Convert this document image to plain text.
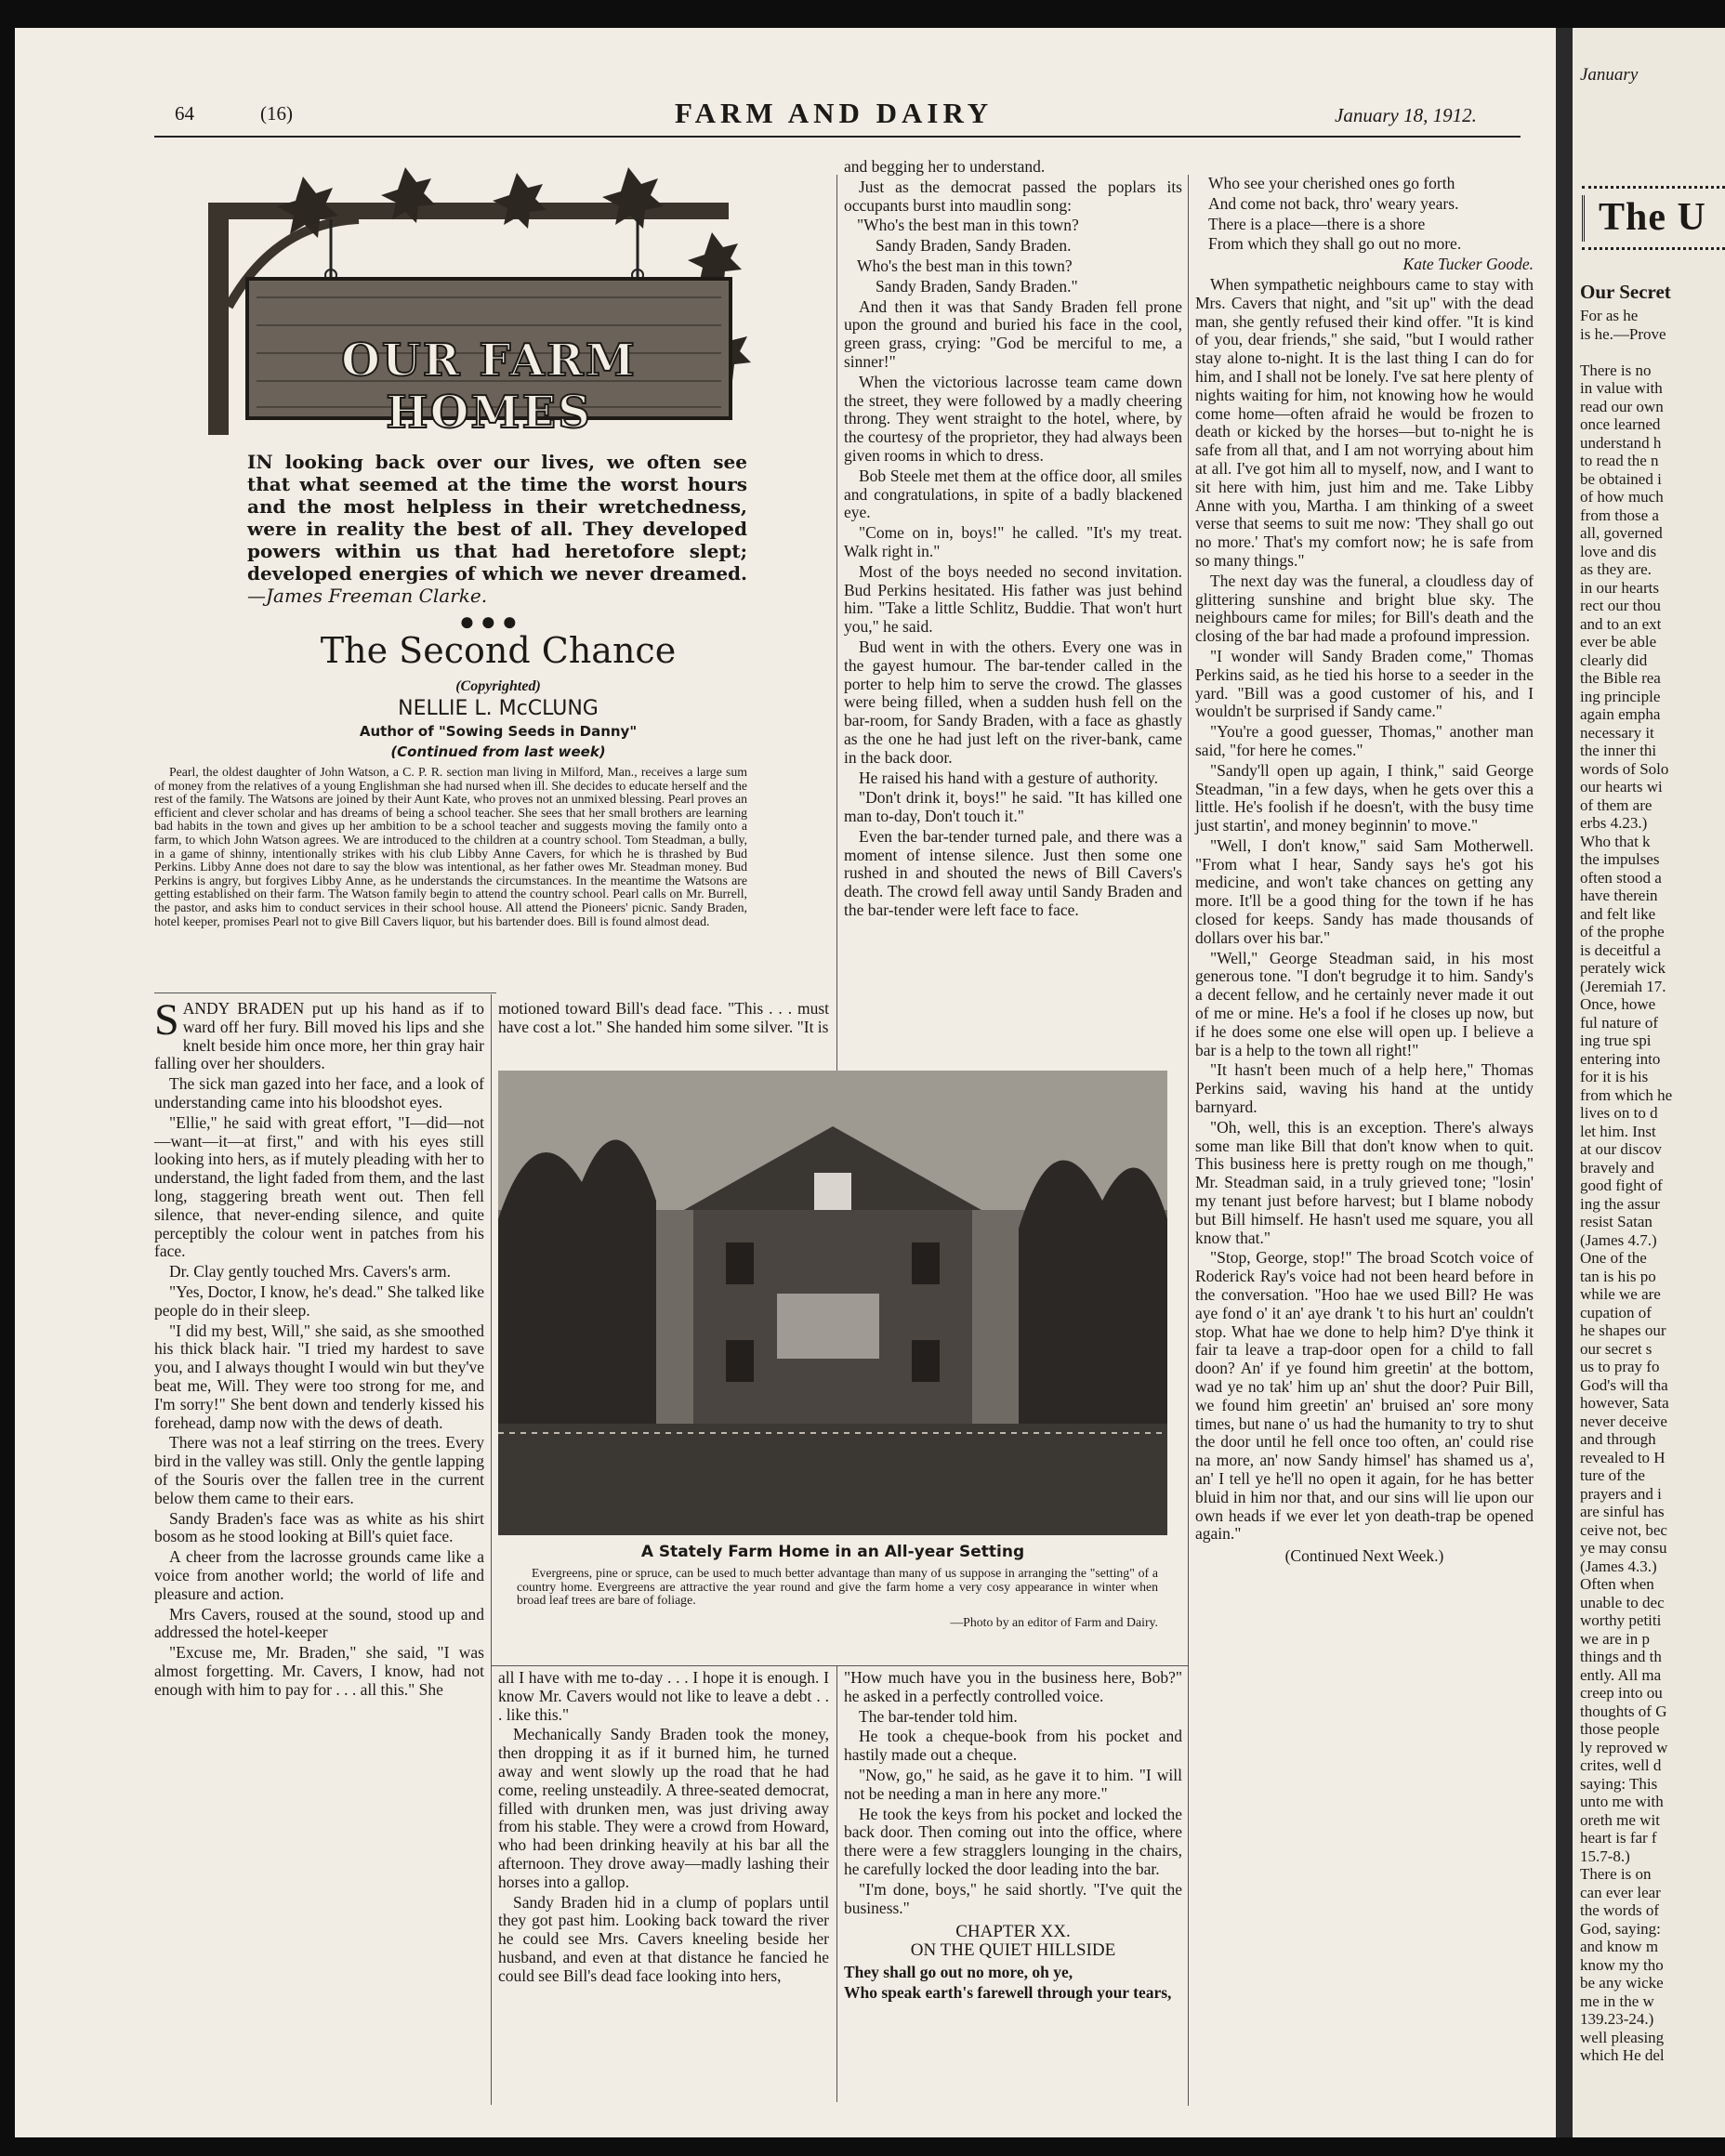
January
The U
Our Secret

For as he

is he.—Prove

There is no

in value with

read our own

once learned

understand h

to read the n

be obtained i

of how much

from those a

all, governed

love and dis

as they are.

in our hearts

rect our thou

and to an ext

ever be able

clearly did

the Bible rea

ing principle

again empha

necessary it

the inner thi

words of Solo

our hearts wi

of them are

erbs 4.23.)

Who that k

the impulses

often stood a

have therein

and felt like

of the prophe

is deceitful a

perately wick

(Jeremiah 17.

Once, howe

ful nature of

ing true spi

entering into

for it is his

from which he

lives on to d

let him. Inst

at our discov

bravely and

good fight of

ing the assur

resist Satan

(James 4.7.)

One of the

tan is his po

while we are

cupation of

he shapes our

our secret s

us to pray fo

God's will tha

however, Sata

never deceive

and through

revealed to H

ture of the

prayers and i

are sinful has

ceive not, bec

ye may consu

(James 4.3.)

Often when

unable to dec

worthy petiti

we are in p

things and th

ently. All ma

creep into ou

thoughts of G

those people

ly reproved w

crites, well d

saying: This

unto me with

oreth me wit

heart is far f

15.7-8.)

There is on

can ever lear

the words of

God, saying:

and know m

know my tho

be any wicke

me in the w

139.23-24.)

well pleasing

which He del

64	(16)	FARM AND DAIRY	January 18, 1912.
OUR FARM HOMES
IN looking back over our lives, we often see that what seemed at the time the worst hours and the most helpless in their wretchedness, were in reality the best of all. They developed powers within us that had heretofore slept; developed energies of which we never dreamed. —James Freeman Clarke.
●●●
The Second Chance
(Copyrighted)
NELLIE L. McCLUNG
Author of "Sowing Seeds in Danny"
(Continued from last week)
Pearl, the oldest daughter of John Watson, a C. P. R. section man living in Milford, Man., receives a large sum of money from the relatives of a young Englishman she had nursed when ill. She decides to educate herself and the rest of the family. The Watsons are joined by their Aunt Kate, who proves not an unmixed blessing. Pearl proves an efficient and clever scholar and has dreams of being a school teacher. She sees that her small brothers are learning bad habits in the town and gives up her ambition to be a school teacher and suggests moving the family onto a farm, to which John Watson agrees. We are introduced to the children at a country school. Tom Steadman, a bully, in a game of shinny, intentionally strikes with his club Libby Anne Cavers, for which he is thrashed by Bud Perkins. Libby Anne does not dare to say the blow was intentional, as her father owes Mr. Steadman money. Bud Perkins is angry, but forgives Libby Anne, as he understands the circumstances. In the meantime the Watsons are getting established on their farm. The Watson family begin to attend the country school. Pearl calls on Mr. Burrell, the pastor, and asks him to conduct services in their school house. All attend the Pioneers' picnic. Sandy Braden, hotel keeper, promises Pearl not to give Bill Cavers liquor, but his bartender does. Bill is found almost dead.

SANDY BRADEN put up his hand as if to ward off her fury. Bill moved his lips and she knelt beside him once more, her thin gray hair falling over her shoulders.

The sick man gazed into her face, and a look of understanding came into his bloodshot eyes.

"Ellie," he said with great effort, "I—did—not—want—it—at first," and with his eyes still looking into hers, as if mutely pleading with her to understand, the light faded from them, and the last long, staggering breath went out. Then fell silence, that never-ending silence, and quite perceptibly the colour went in patches from his face.

Dr. Clay gently touched Mrs. Cavers's arm.

"Yes, Doctor, I know, he's dead." She talked like people do in their sleep.

"I did my best, Will," she said, as she smoothed his thick black hair. "I tried my hardest to save you, and I always thought I would win but they've beat me, Will. They were too strong for me, and I'm sorry!" She bent down and tenderly kissed his forehead, damp now with the dews of death.

There was not a leaf stirring on the trees. Every bird in the valley was still. Only the gentle lapping of the Souris over the fallen tree in the current below them came to their ears.

Sandy Braden's face was as white as his shirt bosom as he stood looking at Bill's quiet face.

A cheer from the lacrosse grounds came like a voice from another world; the world of life and pleasure and action.

Mrs Cavers, roused at the sound, stood up and addressed the hotel-keeper

"Excuse me, Mr. Braden," she said, "I was almost forgetting. Mr. Cavers, I know, had not enough with him to pay for . . . all this." She

motioned toward Bill's dead face. "This . . . must have cost a lot." She handed him some silver. "It is

A Stately Farm Home in an All-year Setting
Evergreens, pine or spruce, can be used to much better advantage than many of us suppose in arranging the "setting" of a country home. Evergreens are attractive the year round and give the farm home a very cosy appearance in winter when broad leaf trees are bare of foliage.
—Photo by an editor of Farm and Dairy.

all I have with me to-day . . . I hope it is enough. I know Mr. Cavers would not like to leave a debt . . . like this."

Mechanically Sandy Braden took the money, then dropping it as if it burned him, he turned away and went slowly up the road that he had come, reeling unsteadily. A three-seated democrat, filled with drunken men, was just driving away from his stable. They were a crowd from Howard, who had been drinking heavily at his bar all the afternoon. They drove away—madly lashing their horses into a gallop.

Sandy Braden hid in a clump of poplars until they got past him. Looking back toward the river he could see Mrs. Cavers kneeling beside her husband, and even at that distance he fancied he could see Bill's dead face looking into hers,

and begging her to understand.

Just as the democrat passed the poplars its occupants burst into maudlin song:

"Who's the best man in this town?

Sandy Braden, Sandy Braden.

Who's the best man in this town?

Sandy Braden, Sandy Braden."

And then it was that Sandy Braden fell prone upon the ground and buried his face in the cool, green grass, crying: "God be merciful to me, a sinner!"

When the victorious lacrosse team came down the street, they were followed by a madly cheering throng. They went straight to the hotel, where, by the courtesy of the proprietor, they had always been given rooms in which to dress.

Bob Steele met them at the office door, all smiles and congratulations, in spite of a badly blackened eye.

"Come on in, boys!" he called. "It's my treat. Walk right in."

Most of the boys needed no second invitation. Bud Perkins hesitated. His father was just behind him. "Take a little Schlitz, Buddie. That won't hurt you," he said.

Bud went in with the others. Every one was in the gayest humour. The bar-tender called in the porter to help him to serve the crowd. The glasses were being filled, when a sudden hush fell on the bar-room, for Sandy Braden, with a face as ghastly as the one he had just left on the river-bank, came in the back door.

He raised his hand with a gesture of authority.

"Don't drink it, boys!" he said. "It has killed one man to-day, Don't touch it."

Even the bar-tender turned pale, and there was a moment of intense silence. Just then some one rushed in and shouted the news of Bill Cavers's death. The crowd fell away until Sandy Braden and the bar-tender were left face to face.

"How much have you in the business here, Bob?" he asked in a perfectly controlled voice.

The bar-tender told him.

He took a cheque-book from his pocket and hastily made out a cheque.

"Now, go," he said, as he gave it to him. "I will not be needing a man in here any more."

He took the keys from his pocket and locked the back door. Then coming out into the office, where there were a few stragglers lounging in the chairs, he carefully locked the door leading into the bar.

"I'm done, boys," he said shortly. "I've quit the business."

CHAPTER XX.

ON THE QUIET HILLSIDE

They shall go out no more, oh ye,

Who speak earth's farewell through your tears,

Who see your cherished ones go forth

And come not back, thro' weary years.

There is a place—there is a shore

From which they shall go out no more.

Kate Tucker Goode.

When sympathetic neighbours came to stay with Mrs. Cavers that night, and "sit up" with the dead man, she gently refused their kind offer. "It is kind of you, dear friends," she said, "but I would rather stay alone to-night. It is the last thing I can do for him, and I shall not be lonely. I've sat here plenty of nights waiting for him, not knowing how he would come home—often afraid he would be frozen to death or kicked by the horses—but to-night he is safe from all that, and I am not worrying about him at all. I've got him all to myself, now, and I want to sit here with him, just him and me. Take Libby Anne with you, Martha. I am thinking of a sweet verse that seems to suit me now: 'They shall go out no more.' That's my comfort now; he is safe from so many things."

The next day was the funeral, a cloudless day of glittering sunshine and bright blue sky. The neighbours came for miles; for Bill's death and the closing of the bar had made a profound impression.

"I wonder will Sandy Braden come," Thomas Perkins said, as he tied his horse to a seeder in the yard. "Bill was a good customer of his, and I wouldn't be surprised if Sandy came."

"You're a good guesser, Thomas," another man said, "for here he comes."

"Sandy'll open up again, I think," said George Steadman, "in a few days, when he gets over this a little. He's foolish if he doesn't, with the busy time just startin', and money beginnin' to move."

"Well, I don't know," said Sam Motherwell. "From what I hear, Sandy says he's got his medicine, and won't take chances on getting any more. It'll be a good thing for the town if he has closed for keeps. Sandy has made thousands of dollars over his bar."

"Well," George Steadman said, in his most generous tone. "I don't begrudge it to him. Sandy's a decent fellow, and he certainly never made it out of me or mine. He's a fool if he closes up now, but if he does some one else will open up. I believe a bar is a help to the town all right!"

"It hasn't been much of a help here," Thomas Perkins said, waving his hand at the untidy barnyard.

"Oh, well, this is an exception. There's always some man like Bill that don't know when to quit. This business here is pretty rough on me though," Mr. Steadman said, in a truly grieved tone; "losin' my tenant just before harvest; but I blame nobody but Bill himself. He hasn't used me square, you all know that."

"Stop, George, stop!" The broad Scotch voice of Roderick Ray's voice had not been heard before in the conversation. "Hoo hae we used Bill? He was aye fond o' it an' aye drank 't to his hurt an' couldn't stop. What hae we done to help him? D'ye think it fair ta leave a trap-door open for a child to fall doon? An' if ye found him greetin' at the bottom, wad ye no tak' him up an' shut the door? Puir Bill, we found him greetin' an' bruised an' sore mony times, but nane o' us had the humanity to try to shut the door until he fell once too often, an' could rise na more, an' now Sandy himsel' has shamed us a', an' I tell ye he'll no open it again, for he has better bluid in him nor that, and our sins will lie upon our own heads if we ever let yon death-trap be opened again."

(Continued Next Week.)
